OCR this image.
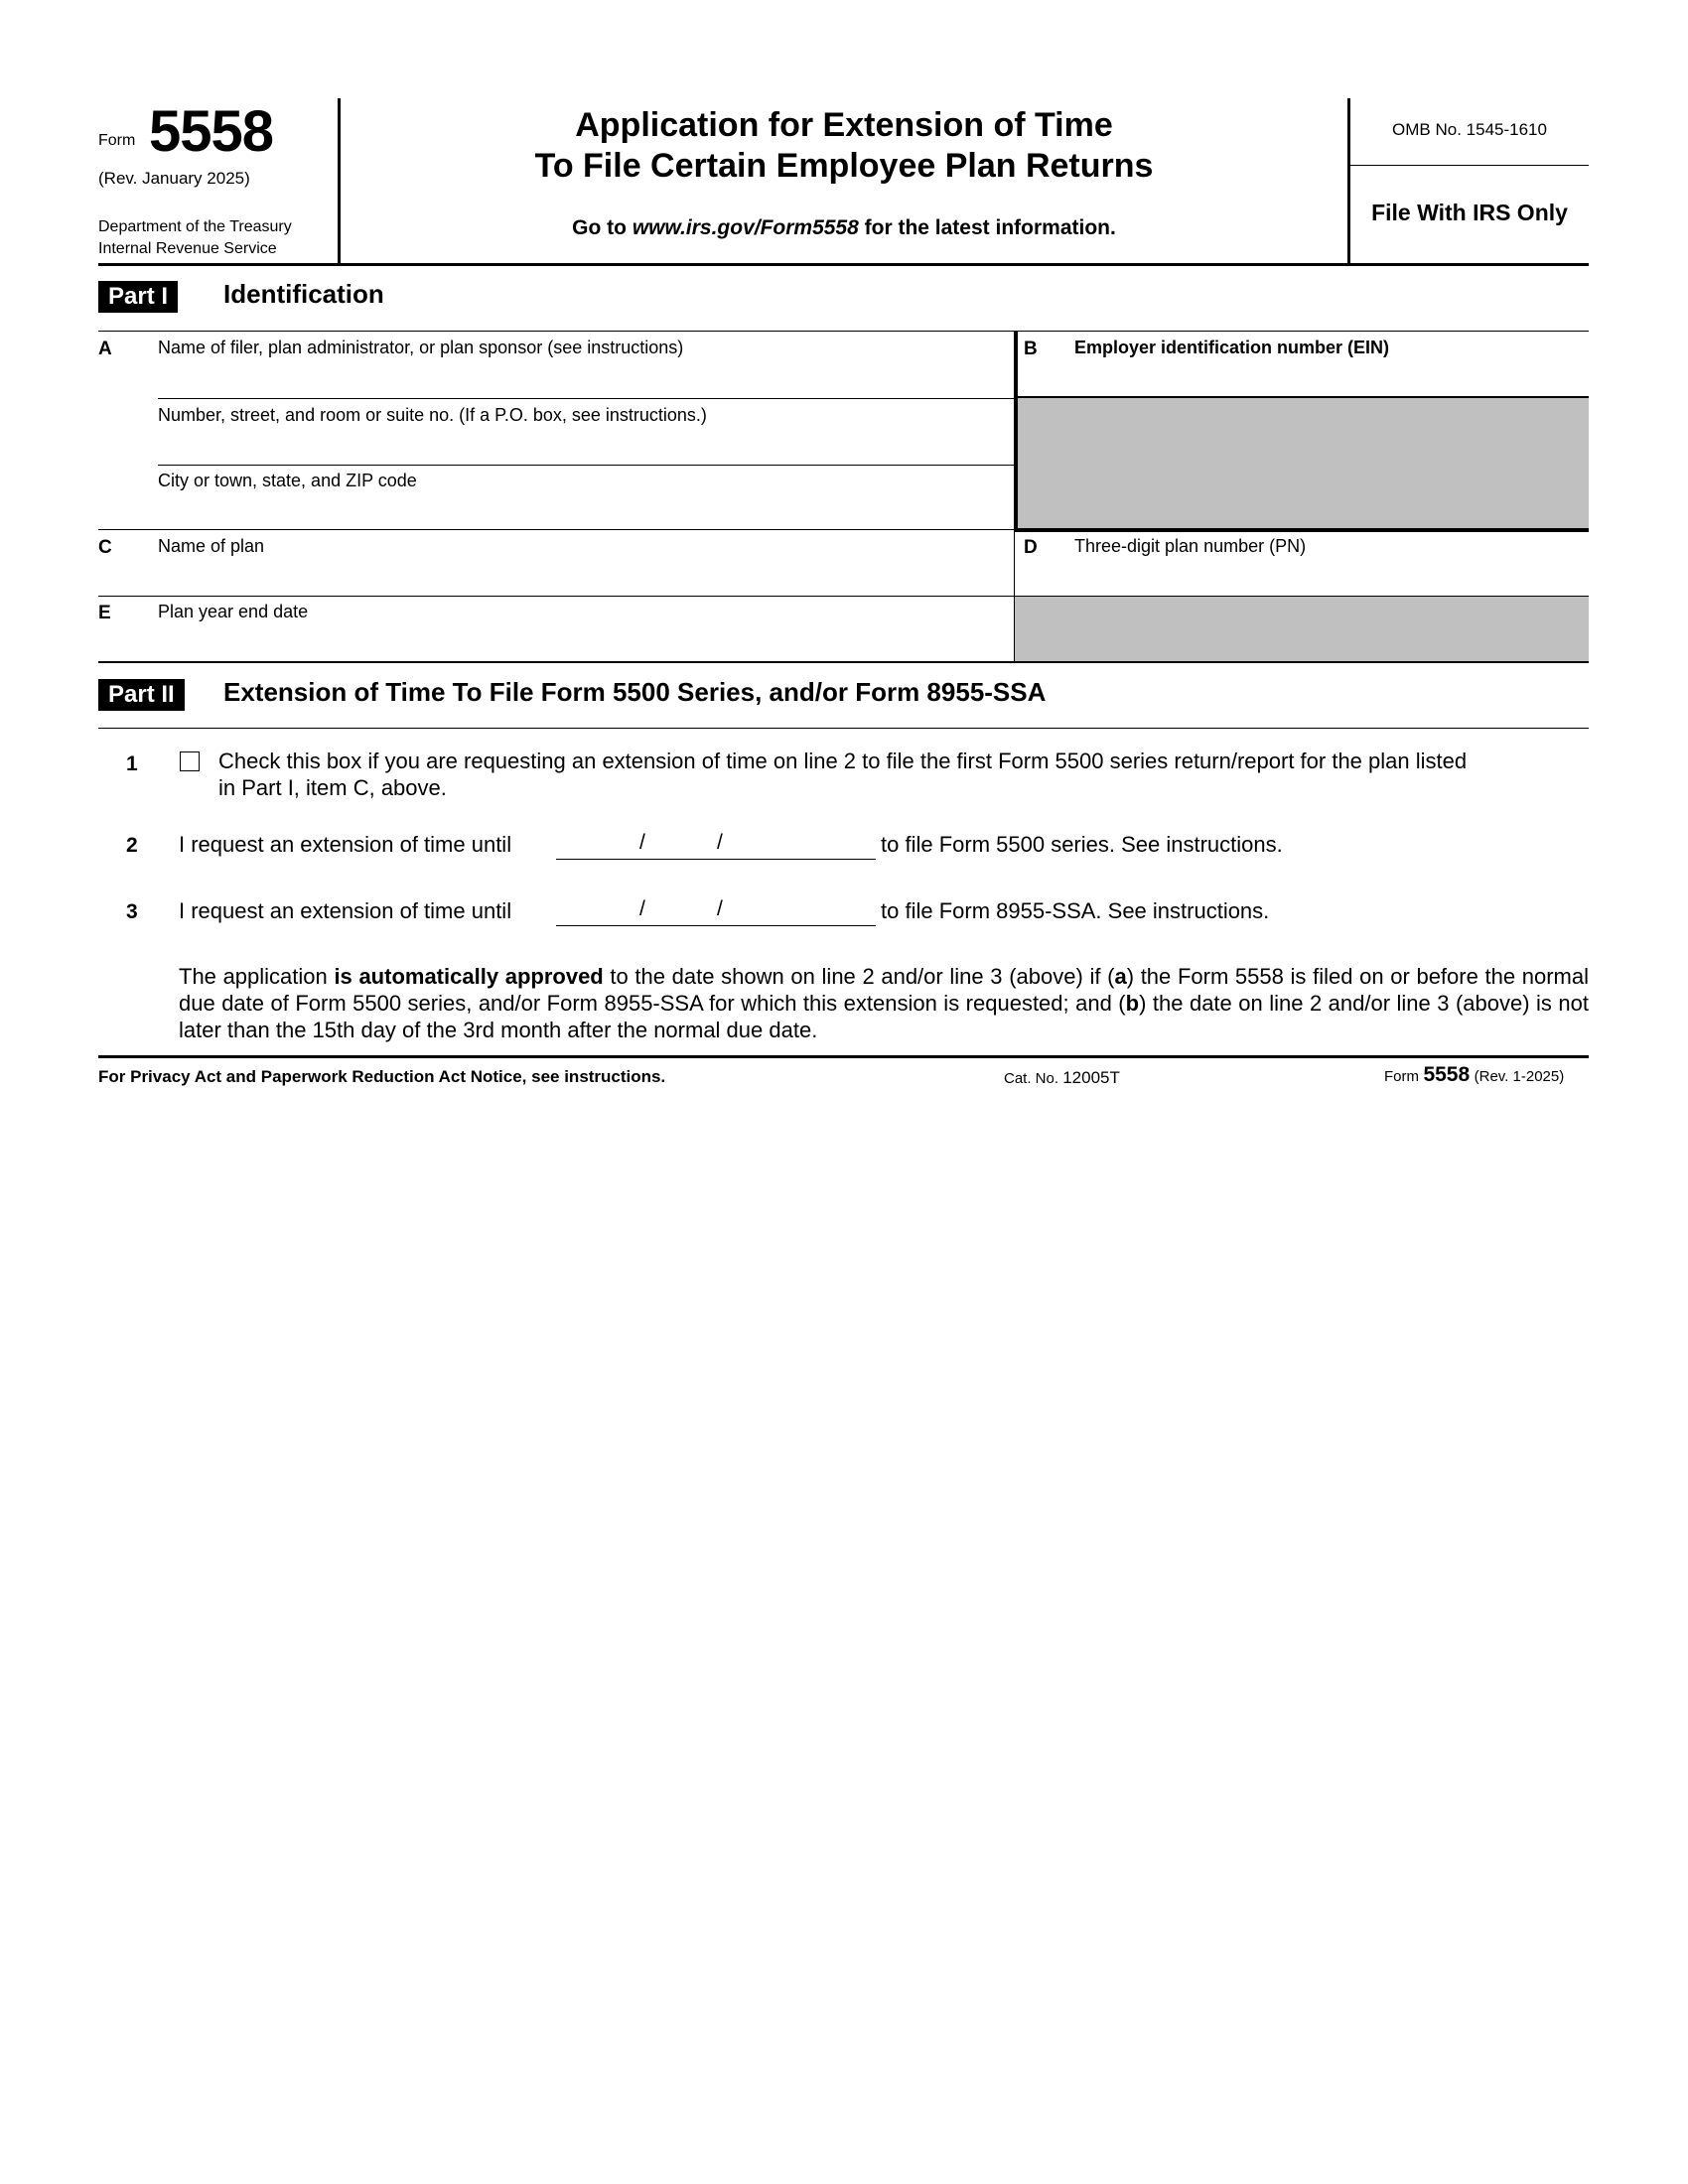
Form 5558
(Rev. January 2025)
Department of the Treasury
Internal Revenue Service
Application for Extension of Time
To File Certain Employee Plan Returns
Go to www.irs.gov/Form5558 for the latest information.
OMB No. 1545-1610
File With IRS Only
Part I	Identification
A	Name of filer, plan administrator, or plan sponsor (see instructions)
Number, street, and room or suite no. (If a P.O. box, see instructions.)
City or town, state, and ZIP code
B Employer identification number (EIN)
C	Name of plan	D Three-digit plan number (PN)
E	Plan year end date
Part II	Extension of Time To File Form 5500 Series, and/or Form 8955-SSA
1	Check this box if you are requesting an extension of time on line 2 to file the first Form 5500 series return/report for the plan listed
in Part I, item C, above.
2 I request an extension of time until	/	/	to file Form 5500 series. See instructions.
3 I request an extension of time until	/	/	to file Form 8955-SSA. See instructions.
The application is automatically approved to the date shown on line 2 and/or line 3 (above) if (a) the Form 5558 is filed on or before the normal due date of Form 5500 series, and/or Form 8955-SSA for which this extension is requested; and (b) the date on line 2 and/or line 3 (above) is not later than the 15th day of the 3rd month after the normal due date.
For Privacy Act and Paperwork Reduction Act Notice, see instructions.	Cat. No. 12005T	Form 5558 (Rev. 1-2025)
